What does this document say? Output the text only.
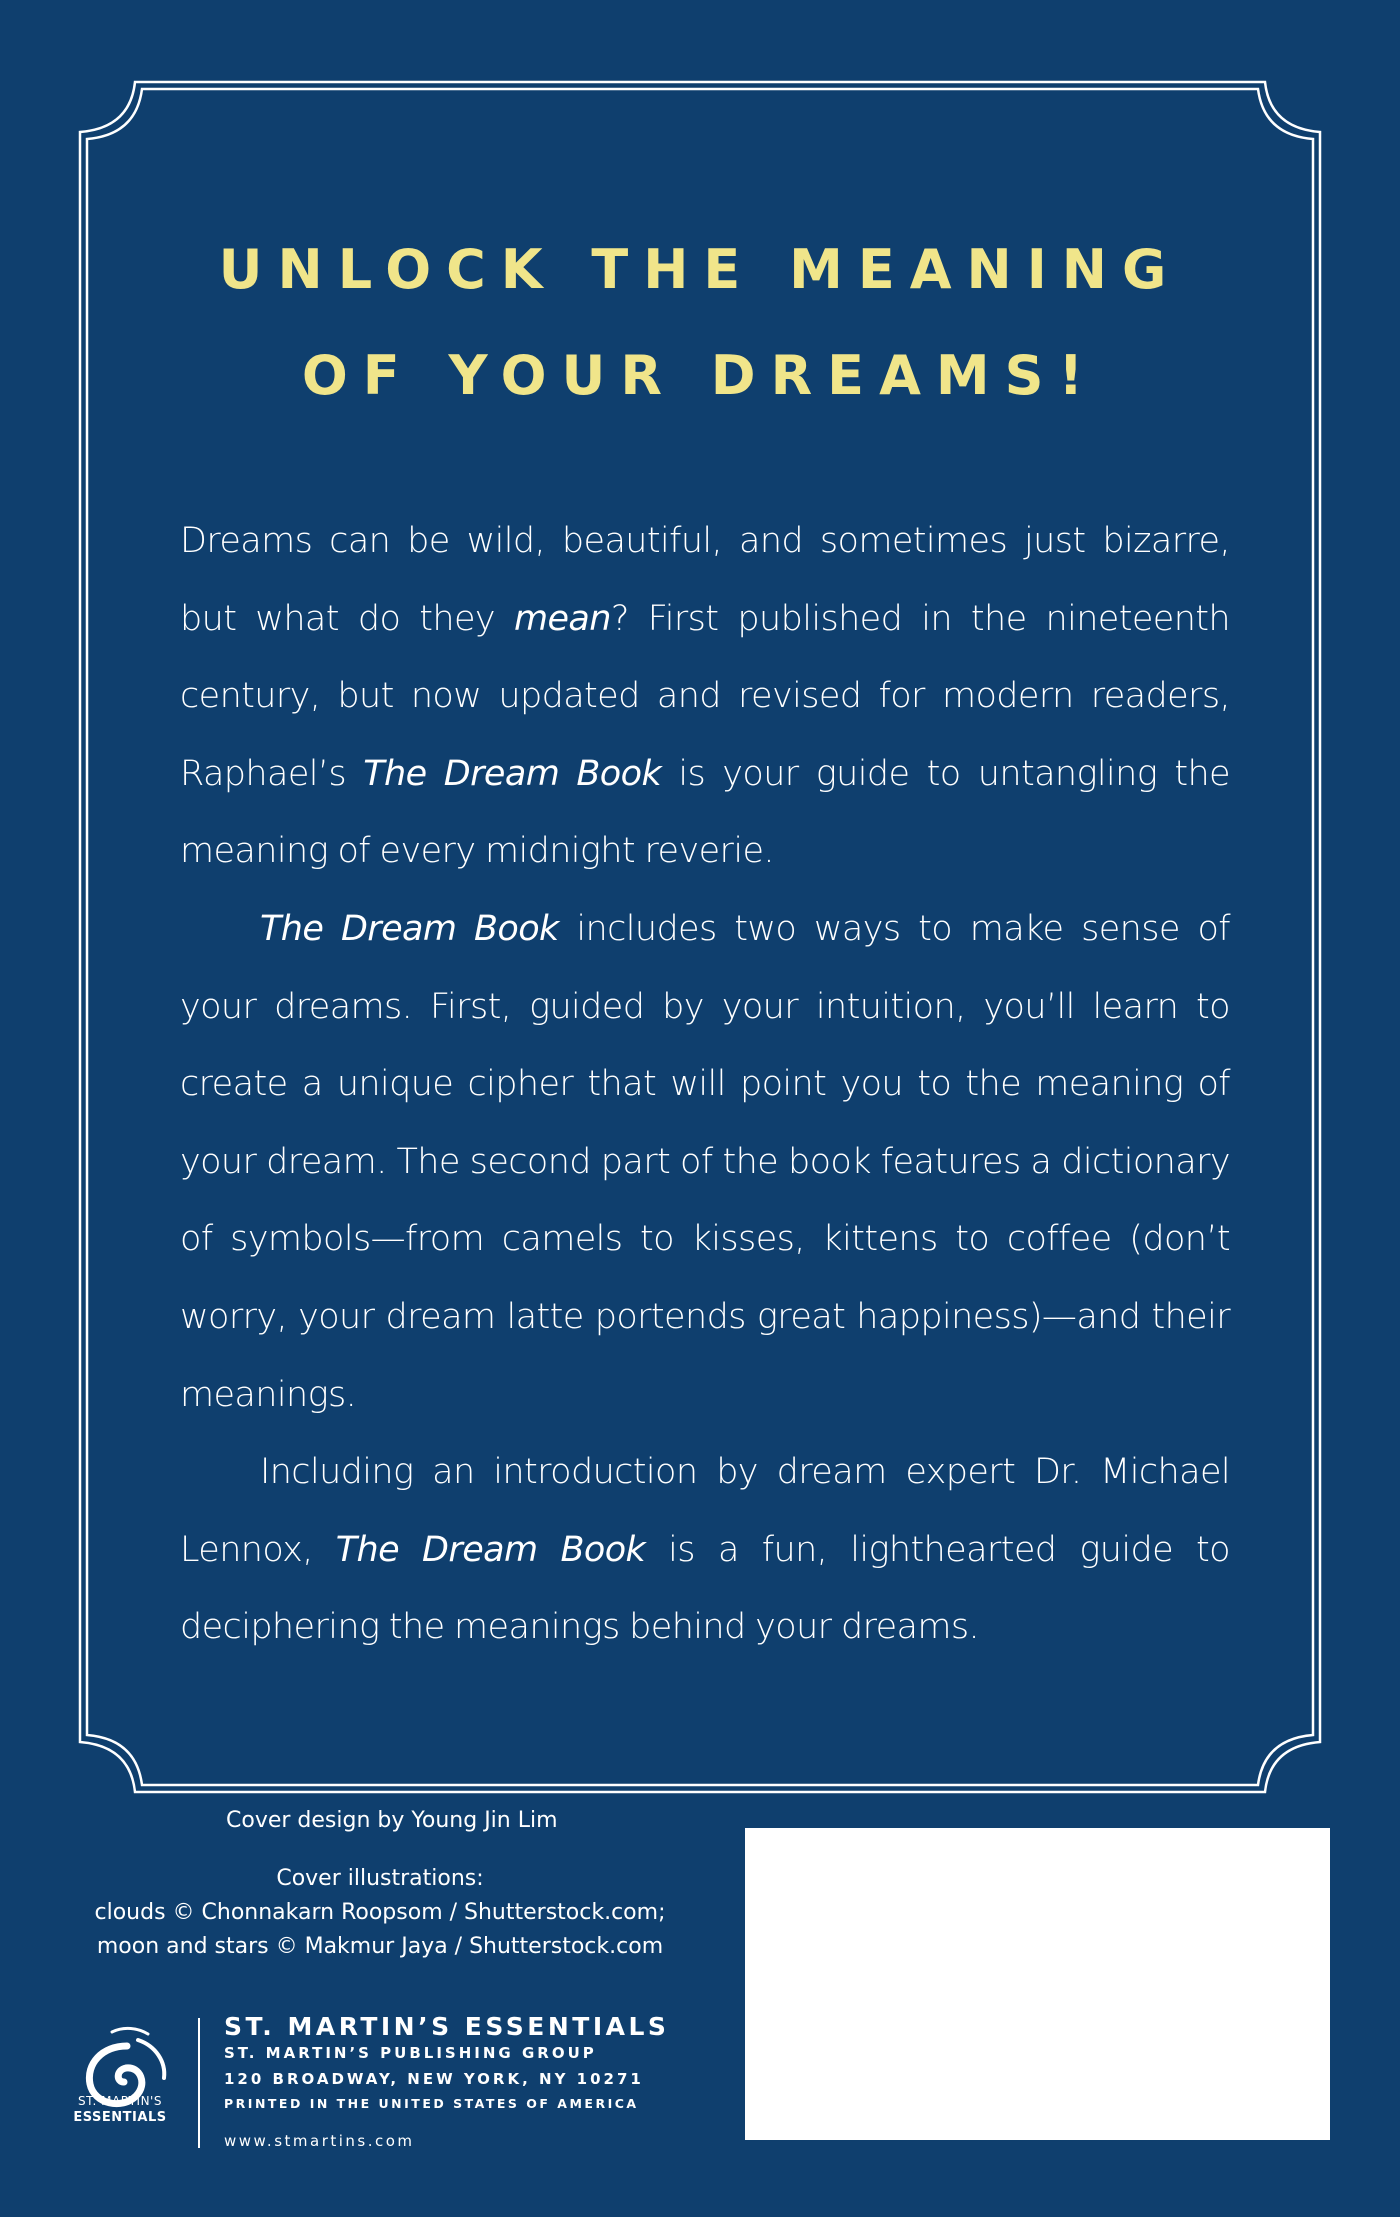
UNLOCK THE MEANING
OF YOUR DREAMS!

Dreams can be wild, beautiful, and sometimes just bizarre, but what do they mean? First published in the nineteenth century, but now updated and revised for modern readers, Raphael’s The Dream Book is your guide to untangling the meaning of every midnight reverie.

The Dream Book includes two ways to make sense of your dreams. First, guided by your intuition, you’ll learn to create a unique cipher that will point you to the meaning of your dream. The second part of the book features a dictionary of symbols—from camels to kisses, kittens to coffee (don’t worry, your dream latte portends great happiness)—and their meanings.

Including an introduction by dream expert Dr. Michael Lennox, The Dream Book is a fun, lighthearted guide to deciphering the meanings behind your dreams.

Cover design by Young Jin Lim
Cover illustrations:
clouds © Chonnakarn Roopsom / Shutterstock.com;
moon and stars © Makmur Jaya / Shutterstock.com
ST. MARTIN'S
ESSENTIALS
ST. MARTIN’S ESSENTIALS
ST. MARTIN’S PUBLISHING GROUP
120 BROADWAY, NEW YORK, NY 10271
PRINTED IN THE UNITED STATES OF AMERICA
www.stmartins.com
